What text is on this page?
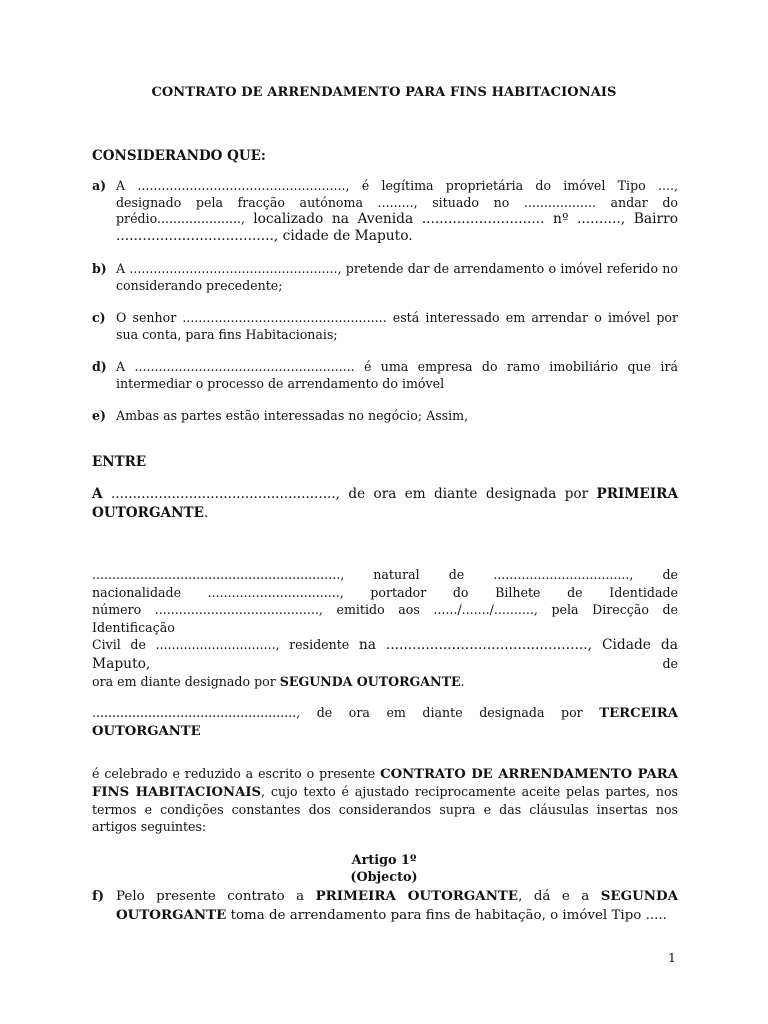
CONTRATO DE ARRENDAMENTO PARA FINS HABITACIONAIS
CONSIDERANDO QUE:
a) A ...................................................., é legítima proprietária do imóvel Tipo ...., designado pela fracção autónoma ........., situado no .................. andar do prédio....................., localizado na Avenida ............................ nº .........., Bairro ...................................., cidade de Maputo.
b) A ...................................................., pretende dar de arrendamento o imóvel referido no considerando precedente;
c) O senhor ................................................... está interessado em arrendar o imóvel por sua conta, para fins Habitacionais;
d) A ....................................................... é uma empresa do ramo imobiliário que irá intermediar o processo de arrendamento do imóvel
e) Ambas as partes estão interessadas no negócio; Assim,
ENTRE
A ...................................................., de ora em diante designada por PRIMEIRA OUTORGANTE.
.............................................................., natural de .................................., de
nacionalidade ................................., portador do Bilhete de Identidade
número ........................................., emitido aos ....../......./.........., pela Direcção de Identificação
Civil de .............................., residente na .............................................., Cidade da Maputo, de
ora em diante designado por SEGUNDA OUTORGANTE.
..................................................., de ora em diante designada por TERCEIRA OUTORGANTE
é celebrado e reduzido a escrito o presente CONTRATO DE ARRENDAMENTO PARA FINS HABITACIONAIS, cujo texto é ajustado reciprocamente aceite pelas partes, nos termos e condições constantes dos considerandos supra e das cláusulas insertas nos artigos seguintes:
Artigo 1º
(Objecto)
f) Pelo presente contrato a PRIMEIRA OUTORGANTE, dá e a SEGUNDA OUTORGANTE toma de arrendamento para fins de habitação, o imóvel Tipo .....
1
